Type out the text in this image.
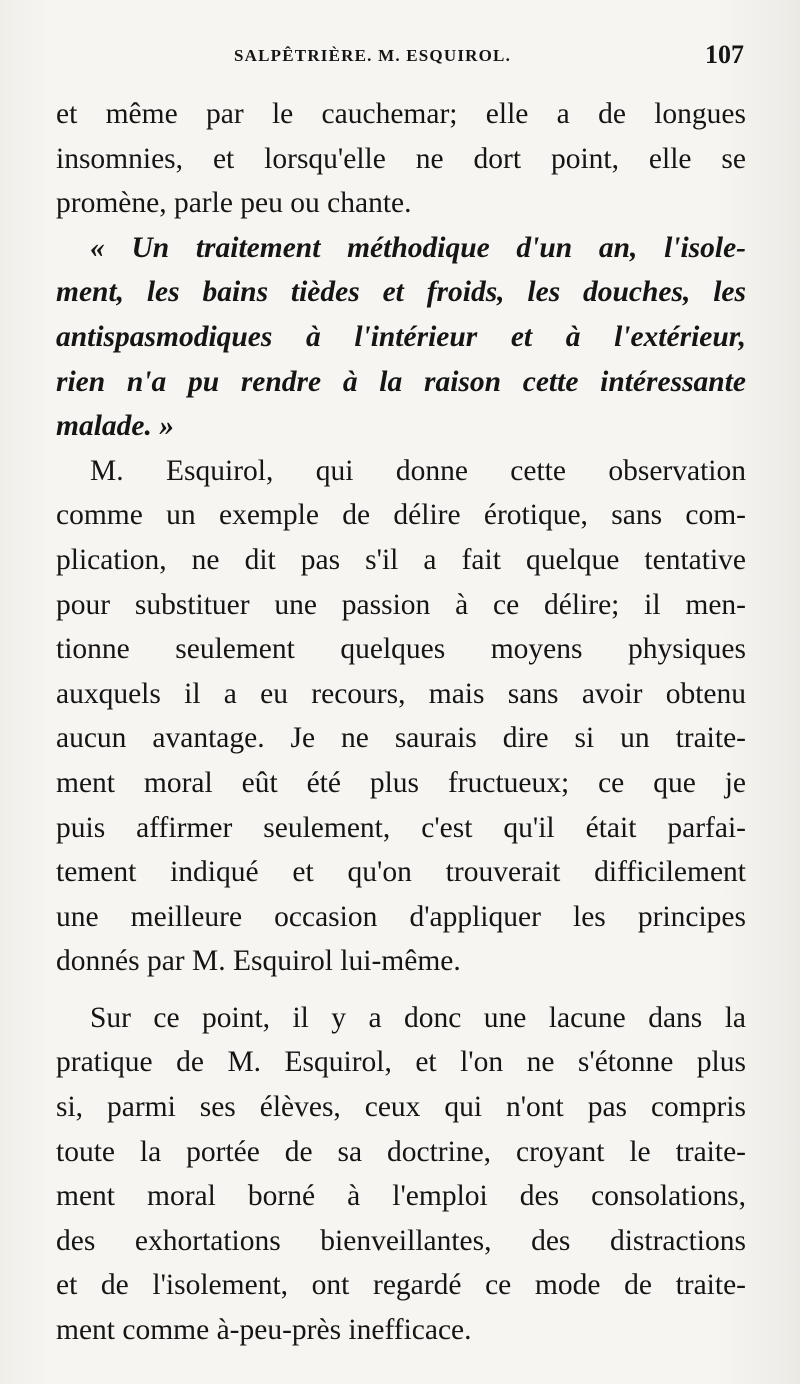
SALPÊTRIÈRE. M. ESQUIROL.	107
et même par le cauchemar; elle a de longues
insomnies, et lorsqu'elle ne dort point, elle se
promène, parle peu ou chante.
« Un traitement méthodique d'un an, l'isole-
ment, les bains tièdes et froids, les douches, les
antispasmodiques à l'intérieur et à l'extérieur,
rien n'a pu rendre à la raison cette intéressante
malade. »
M. Esquirol, qui donne cette observation
comme un exemple de délire érotique, sans com-
plication, ne dit pas s'il a fait quelque tentative
pour substituer une passion à ce délire; il men-
tionne seulement quelques moyens physiques
auxquels il a eu recours, mais sans avoir obtenu
aucun avantage. Je ne saurais dire si un traite-
ment moral eût été plus fructueux; ce que je
puis affirmer seulement, c'est qu'il était parfai-
tement indiqué et qu'on trouverait difficilement
une meilleure occasion d'appliquer les principes
donnés par M. Esquirol lui-même.
Sur ce point, il y a donc une lacune dans la
pratique de M. Esquirol, et l'on ne s'étonne plus
si, parmi ses élèves, ceux qui n'ont pas compris
toute la portée de sa doctrine, croyant le traite-
ment moral borné à l'emploi des consolations,
des exhortations bienveillantes, des distractions
et de l'isolement, ont regardé ce mode de traite-
ment comme à-peu-près inefficace.
